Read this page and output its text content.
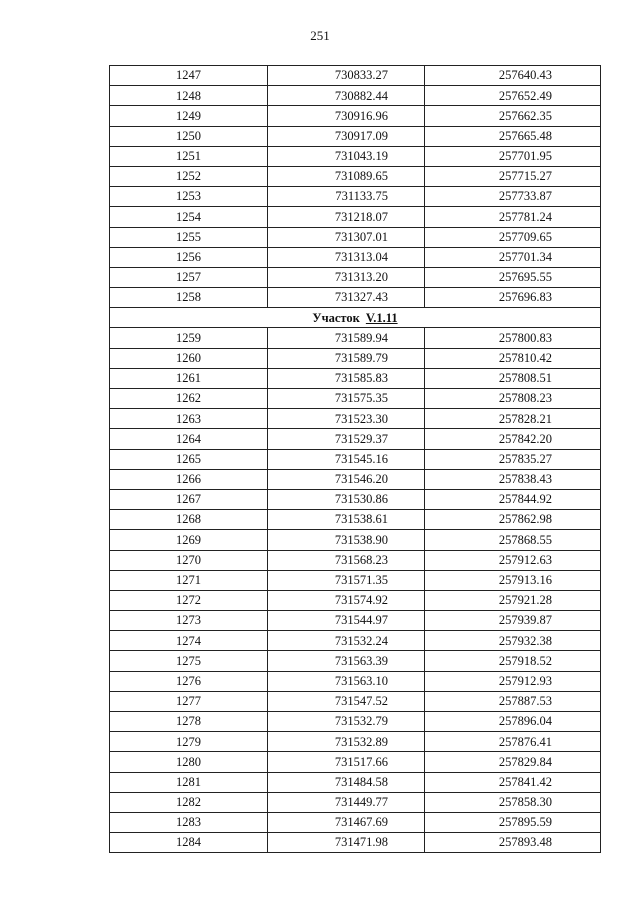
251
1247	730833.27	257640.43
1248	730882.44	257652.49
1249	730916.96	257662.35
1250	730917.09	257665.48
1251	731043.19	257701.95
1252	731089.65	257715.27
1253	731133.75	257733.87
1254	731218.07	257781.24
1255	731307.01	257709.65
1256	731313.04	257701.34
1257	731313.20	257695.55
1258	731327.43	257696.83
Участок V.1.11		
1259	731589.94	257800.83
1260	731589.79	257810.42
1261	731585.83	257808.51
1262	731575.35	257808.23
1263	731523.30	257828.21
1264	731529.37	257842.20
1265	731545.16	257835.27
1266	731546.20	257838.43
1267	731530.86	257844.92
1268	731538.61	257862.98
1269	731538.90	257868.55
1270	731568.23	257912.63
1271	731571.35	257913.16
1272	731574.92	257921.28
1273	731544.97	257939.87
1274	731532.24	257932.38
1275	731563.39	257918.52
1276	731563.10	257912.93
1277	731547.52	257887.53
1278	731532.79	257896.04
1279	731532.89	257876.41
1280	731517.66	257829.84
1281	731484.58	257841.42
1282	731449.77	257858.30
1283	731467.69	257895.59
1284	731471.98	257893.48
